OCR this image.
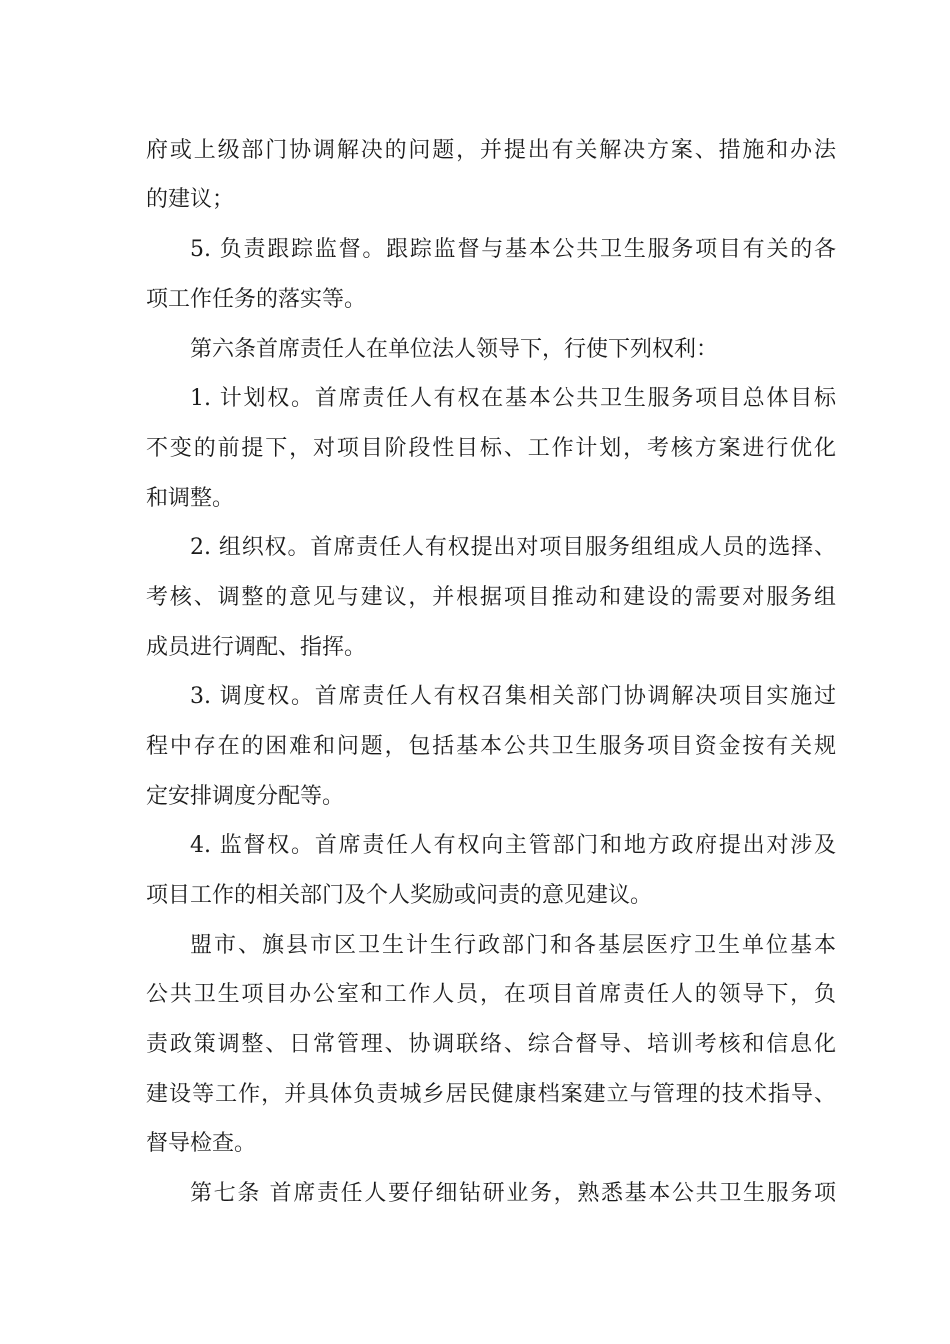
府或上级部门协调解决的问题，并提出有关解决方案、措施和办法
的建议；
5. 负责跟踪监督。跟踪监督与基本公共卫生服务项目有关的各
项工作任务的落实等。
第六条首席责任人在单位法人领导下，行使下列权利：
1. 计划权。首席责任人有权在基本公共卫生服务项目总体目标
不变的前提下，对项目阶段性目标、工作计划，考核方案进行优化
和调整。
2. 组织权。首席责任人有权提出对项目服务组组成人员的选择、
考核、调整的意见与建议，并根据项目推动和建设的需要对服务组
成员进行调配、指挥。
3. 调度权。首席责任人有权召集相关部门协调解决项目实施过
程中存在的困难和问题，包括基本公共卫生服务项目资金按有关规
定安排调度分配等。
4. 监督权。首席责任人有权向主管部门和地方政府提出对涉及
项目工作的相关部门及个人奖励或问责的意见建议。
盟市、旗县市区卫生计生行政部门和各基层医疗卫生单位基本
公共卫生项目办公室和工作人员，在项目首席责任人的领导下，负
责政策调整、日常管理、协调联络、综合督导、培训考核和信息化
建设等工作，并具体负责城乡居民健康档案建立与管理的技术指导、
督导检查。
第七条 首席责任人要仔细钻研业务，熟悉基本公共卫生服务项
